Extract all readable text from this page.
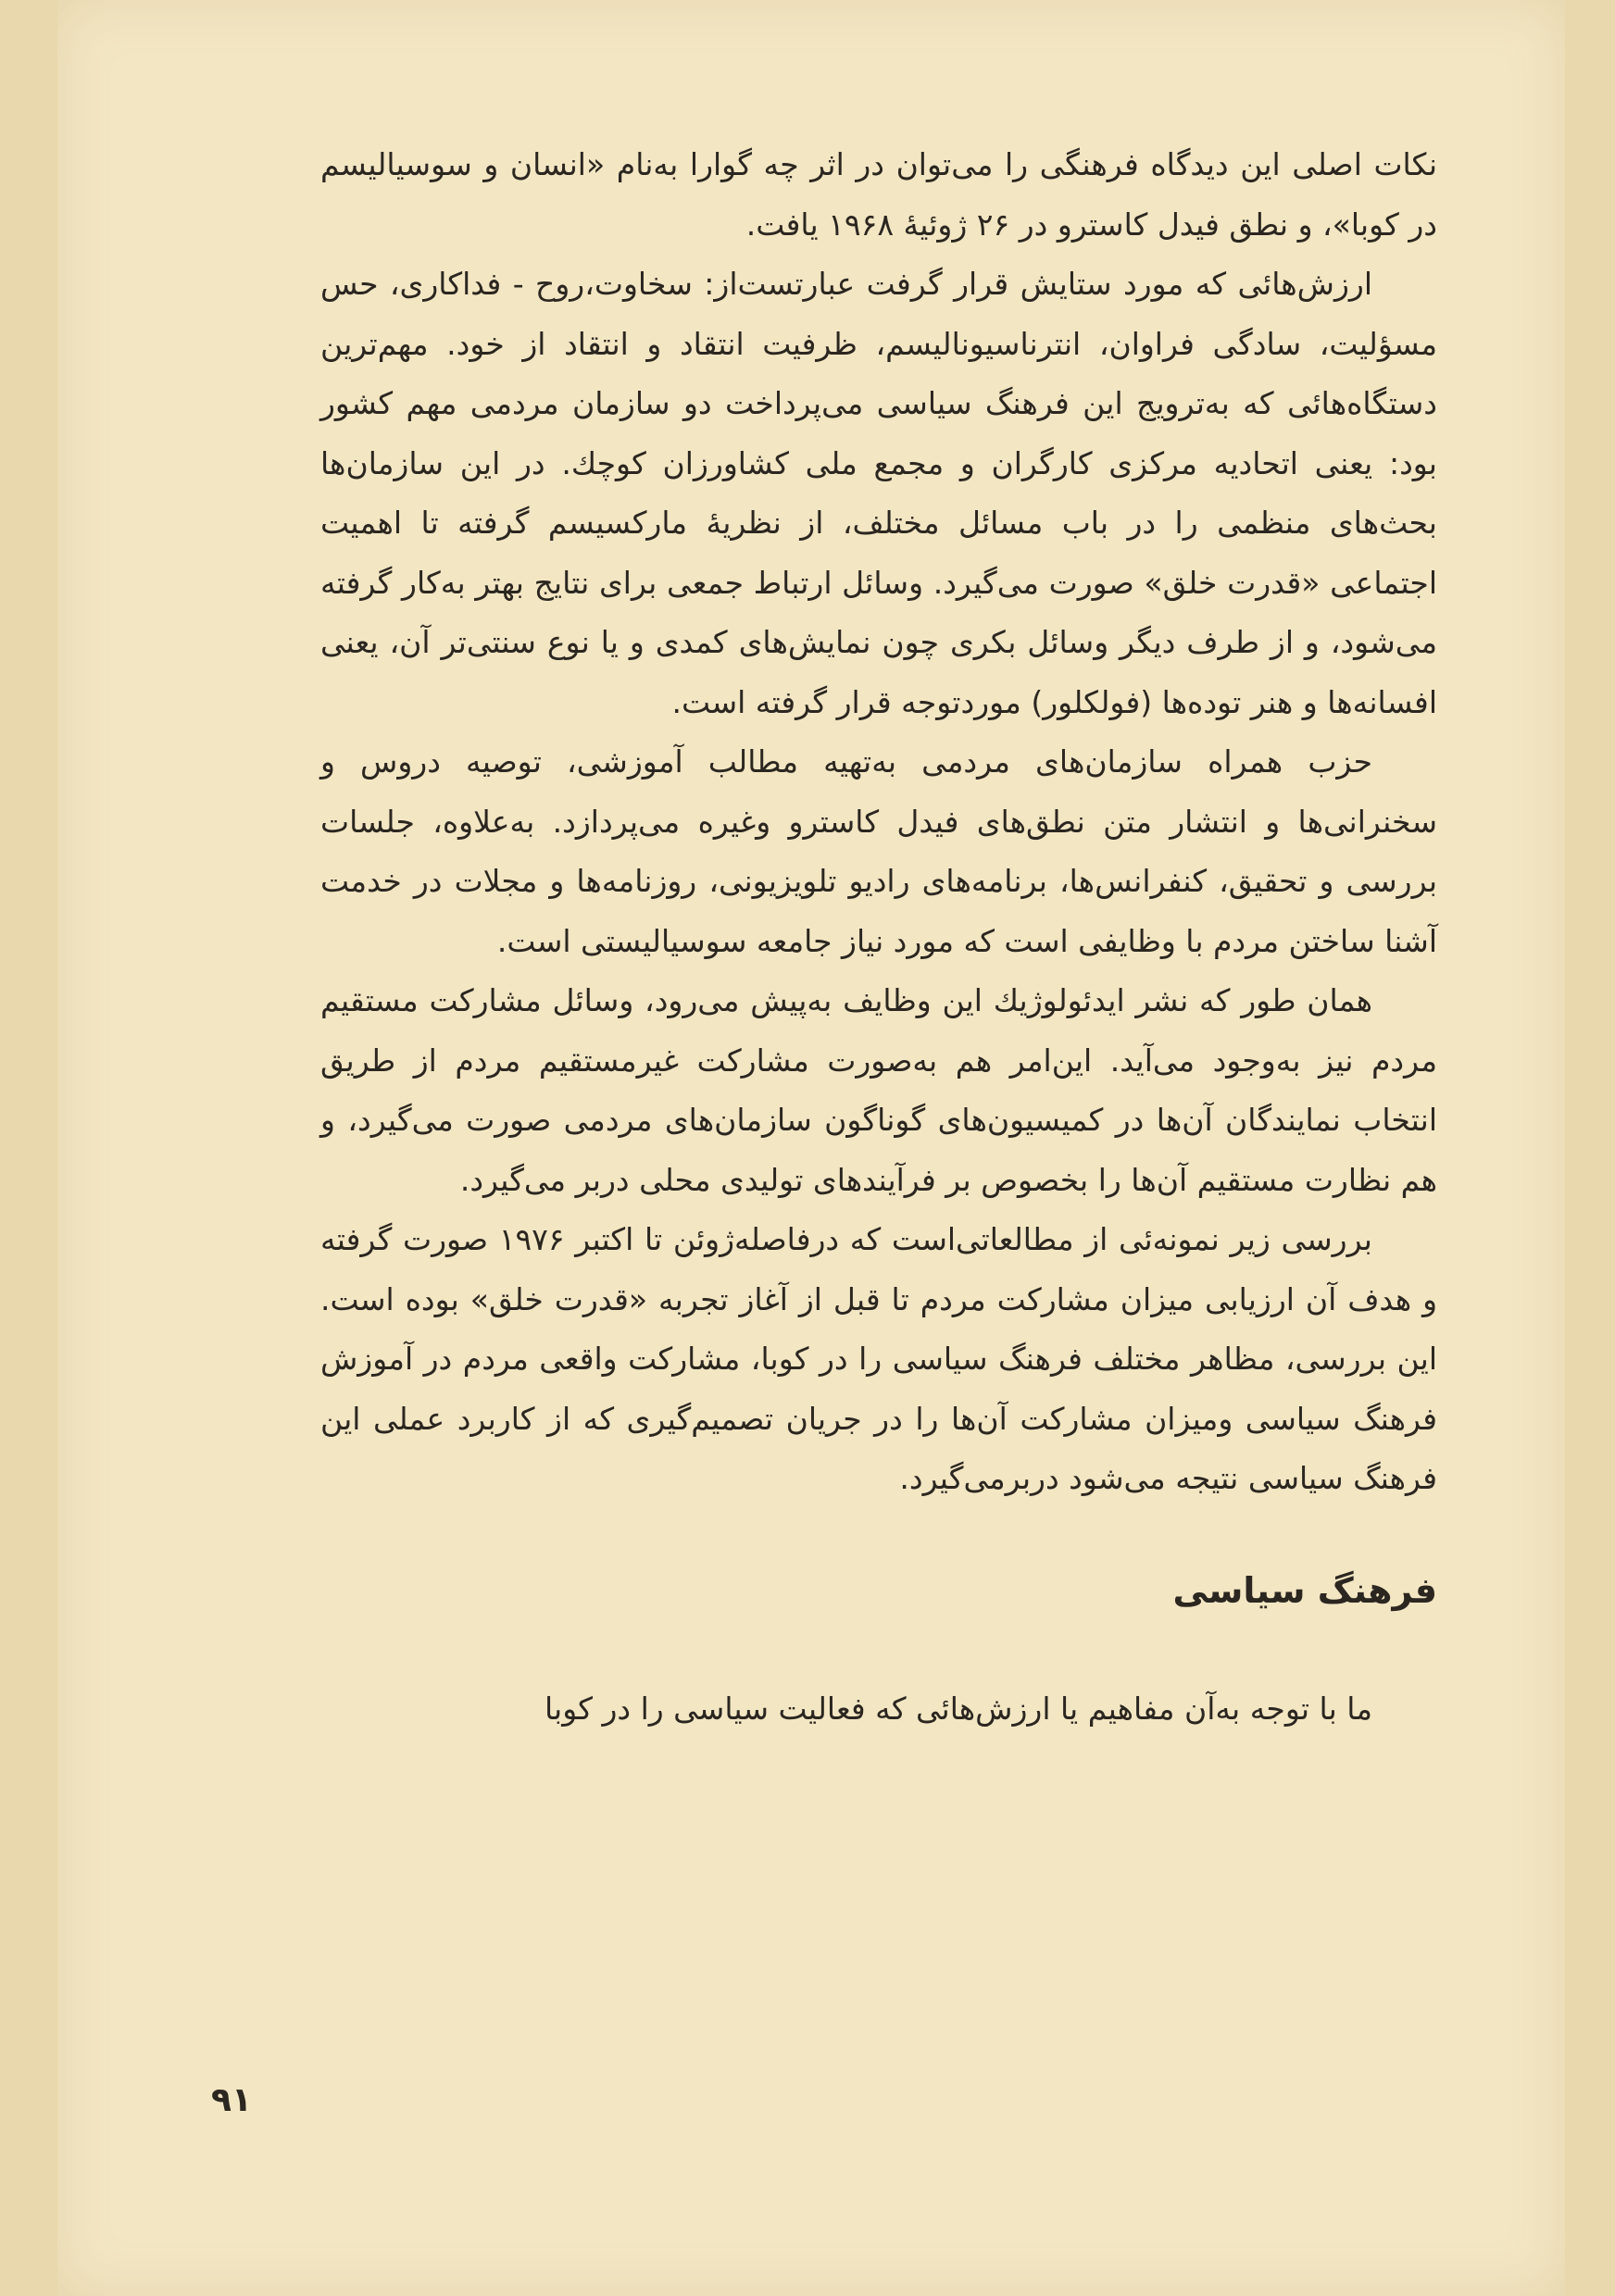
نکات اصلی این دیدگاه فرهنگی را می‌توان در اثر چه گوارا به‌نام «انسان و سوسیالیسم در کوبا»، و نطق فیدل کاسترو در ۲۶ ژوئیهٔ ۱۹۶۸ یافت.

ارزش‌هائی که مورد ستایش قرار گرفت عبارتست‌از: سخاوت،روح - فداکاری، حس مسؤلیت، سادگی فراوان، انترناسیونالیسم، ظرفیت انتقاد و انتقاد از خود. مهم‌ترین دستگاه‌هائی که به‌ترویج این فرهنگ سیاسی می‌پرداخت دو سازمان مردمی مهم کشور بود: یعنی اتحادیه مرکزی کارگران و مجمع ملی کشاورزان کوچك. در این سازمان‌ها بحث‌های منظمی را در باب مسائل مختلف، از نظریهٔ مارکسیسم گرفته تا اهمیت اجتماعی «قدرت خلق» صورت می‌گیرد. وسائل ارتباط جمعی برای نتایج بهتر به‌کار گرفته می‌شود، و از طرف دیگر وسائل بکری چون نمایش‌های کمدی و یا نوع سنتی‌تر آن، یعنی افسانه‌ها و هنر توده‌ها (فولکلور) موردتوجه قرار گرفته است.

حزب همراه سازمان‌های مردمی به‌تهیه مطالب آموزشی، توصیه دروس و سخنرانی‌ها و انتشار متن نطق‌های فیدل کاسترو وغیره می‌پردازد. به‌علاوه، جلسات بررسی و تحقیق، کنفرانس‌ها، برنامه‌های رادیو تلویزیونی، روزنامه‌ها و مجلات در خدمت آشنا ساختن مردم با وظایفی است که مورد نیاز جامعه سوسیالیستی است.

همان طور که نشر ایدئولوژیك این وظایف به‌پیش می‌رود، وسائل مشارکت مستقیم مردم نیز به‌وجود می‌آید. این‌امر هم به‌صورت مشارکت غیرمستقیم مردم از طریق انتخاب نمایندگان آن‌ها در کمیسیون‌های گوناگون سازمان‌های مردمی صورت می‌گیرد، و هم نظارت مستقیم آن‌ها را بخصوص بر فرآیندهای تولیدی محلی دربر می‌گیرد.

بررسی زیر نمونه‌ئی از مطالعاتی‌است که درفاصله‌ژوئن تا اکتبر ۱۹۷۶ صورت گرفته و هدف آن ارزیابی میزان مشارکت مردم تا قبل از آغاز تجربه «قدرت خلق» بوده است. این بررسی، مظاهر مختلف فرهنگ سیاسی را در کوبا، مشارکت واقعی مردم در آموزش فرهنگ سیاسی ومیزان مشارکت آن‌ها را در جریان تصمیم‌گیری که از کاربرد عملی این فرهنگ سیاسی نتیجه می‌شود دربرمی‌گیرد.

فرهنگ سیاسی

ما با توجه به‌آن مفاهیم یا ارزش‌هائی که فعالیت سیاسی را در کوبا

۹۱
